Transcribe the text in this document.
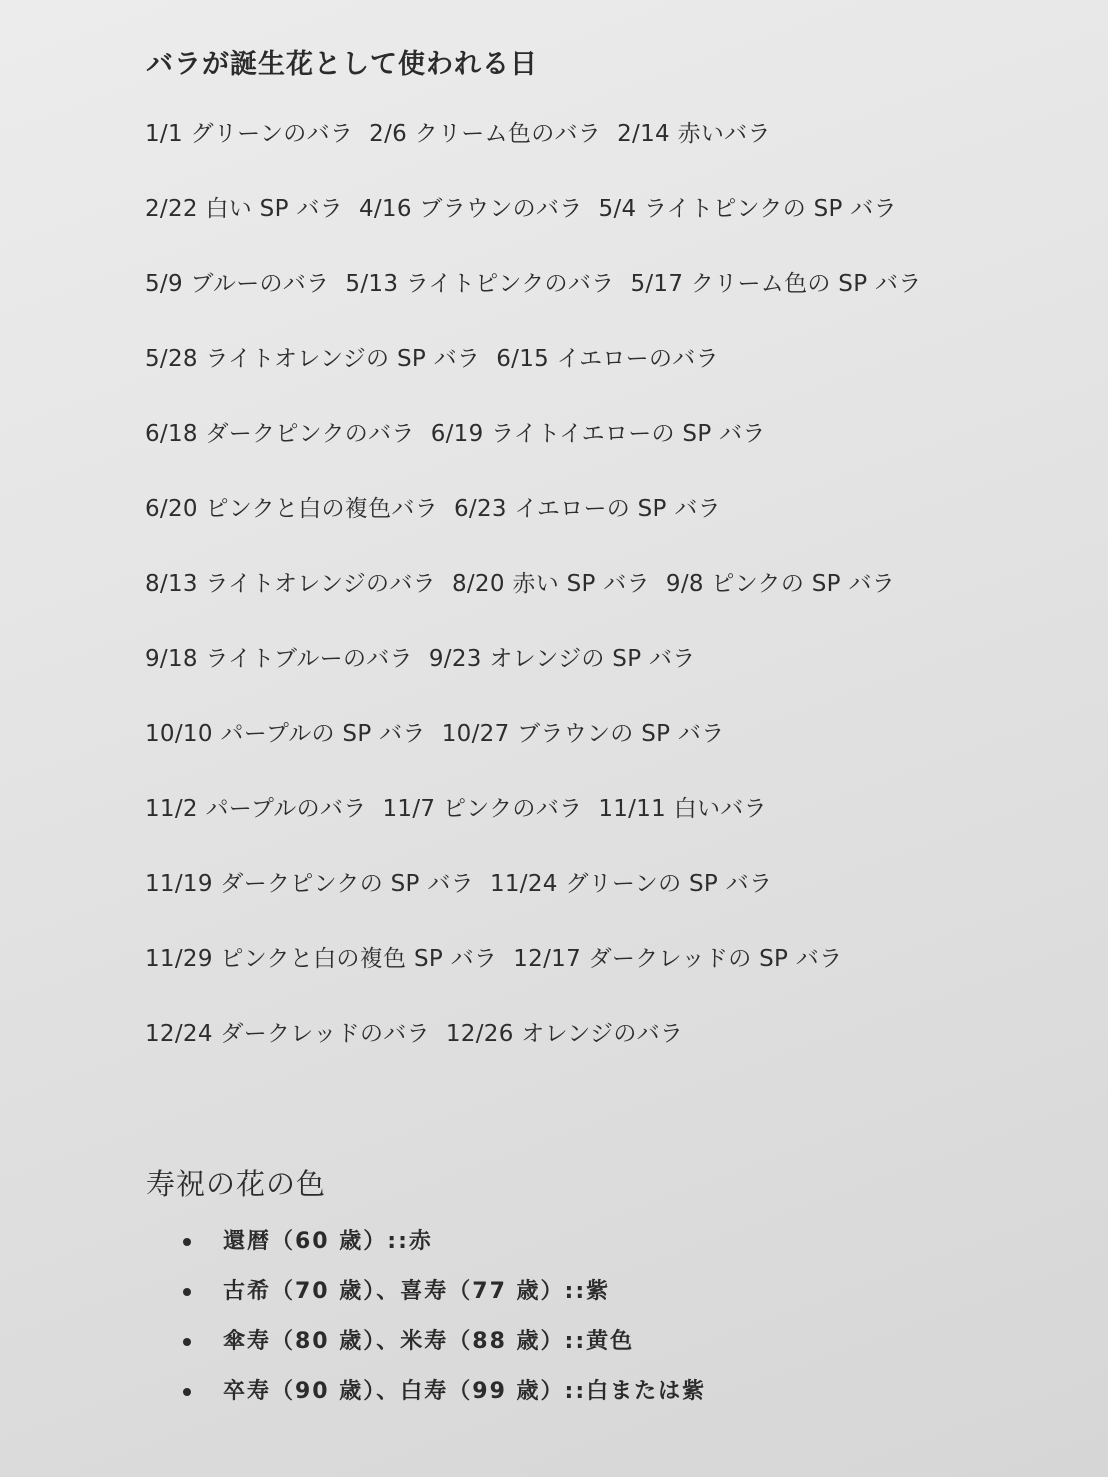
バラが誕生花として使われる日
1/1 グリーンのバラ 2/6 クリーム色のバラ 2/14 赤いバラ
2/22 白い SP バラ 4/16 ブラウンのバラ 5/4 ライトピンクの SP バラ
5/9 ブルーのバラ 5/13 ライトピンクのバラ 5/17 クリーム色の SP バラ
5/28 ライトオレンジの SP バラ 6/15 イエローのバラ
6/18 ダークピンクのバラ 6/19 ライトイエローの SP バラ
6/20 ピンクと白の複色バラ 6/23 イエローの SP バラ
8/13 ライトオレンジのバラ 8/20 赤い SP バラ 9/8 ピンクの SP バラ
9/18 ライトブルーのバラ 9/23 オレンジの SP バラ
10/10 パープルの SP バラ 10/27 ブラウンの SP バラ
11/2 パープルのバラ 11/7 ピンクのバラ 11/11 白いバラ
11/19 ダークピンクの SP バラ 11/24 グリーンの SP バラ
11/29 ピンクと白の複色 SP バラ 12/17 ダークレッドの SP バラ
12/24 ダークレッドのバラ 12/26 オレンジのバラ
寿祝の花の色
還暦（60 歳）::赤
古希（70 歳）、喜寿（77 歳）::紫
傘寿（80 歳）、米寿（88 歳）::黄色
卒寿（90 歳）、白寿（99 歳）::白または紫
